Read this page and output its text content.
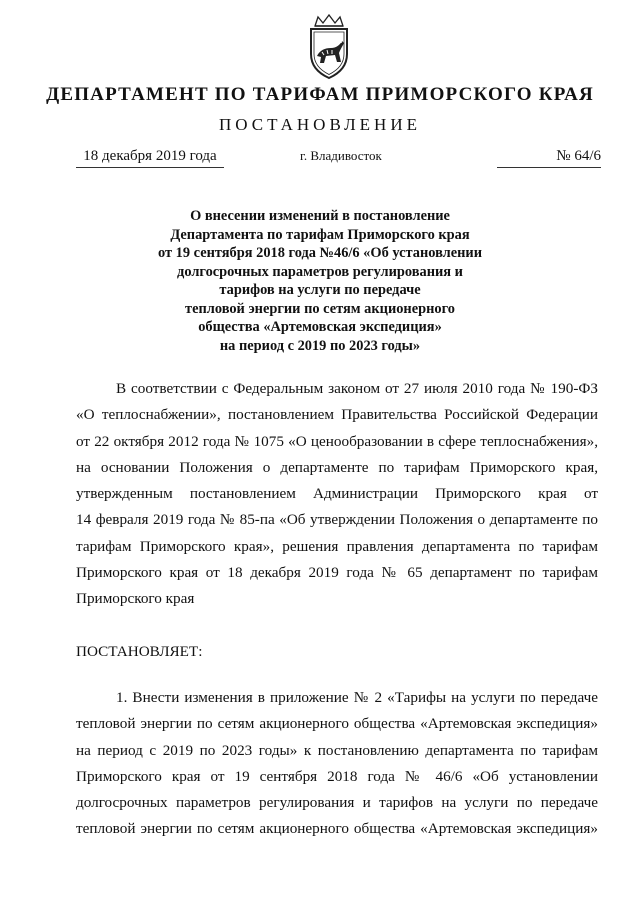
ДЕПАРТАМЕНТ ПО ТАРИФАМ ПРИМОРСКОГО КРАЯ
ПОСТАНОВЛЕНИЕ
18 декабря 2019 года	г. Владивосток	№ 64/6

О внесении изменений в постановление
Департамента по тарифам Приморского края
от 19 сентября 2018 года №46/6 «Об установлении
долгосрочных параметров регулирования и
тарифов на услуги по передаче
тепловой энергии по сетям акционерного
общества «Артемовская экспедиция»
на период с 2019 по 2023 годы»

В соответствии с Федеральным законом от 27 июля 2010 года № 190-ФЗ
«О теплоснабжении», постановлением Правительства Российской Федерации
от 22 октября 2012 года № 1075 «О ценообразовании в сфере теплоснабжения»,
на основании Положения о департаменте по тарифам Приморского края,
утвержденным постановлением Администрации Приморского края от
14 февраля 2019 года № 85-па «Об утверждении Положения о департаменте по
тарифам Приморского края», решения правления департамента по тарифам
Приморского края от 18 декабря 2019 года № 65 департамент по тарифам
Приморского края

ПОСТАНОВЛЯЕТ:

1. Внести изменения в приложение № 2 «Тарифы на услуги по передаче
тепловой энергии по сетям акционерного общества «Артемовская экспедиция»
на период с 2019 по 2023 годы» к постановлению департамента по тарифам
Приморского края от 19 сентября 2018 года № 46/6 «Об установлении
долгосрочных параметров регулирования и тарифов на услуги по передаче
тепловой энергии по сетям акционерного общества «Артемовская экспедиция»
